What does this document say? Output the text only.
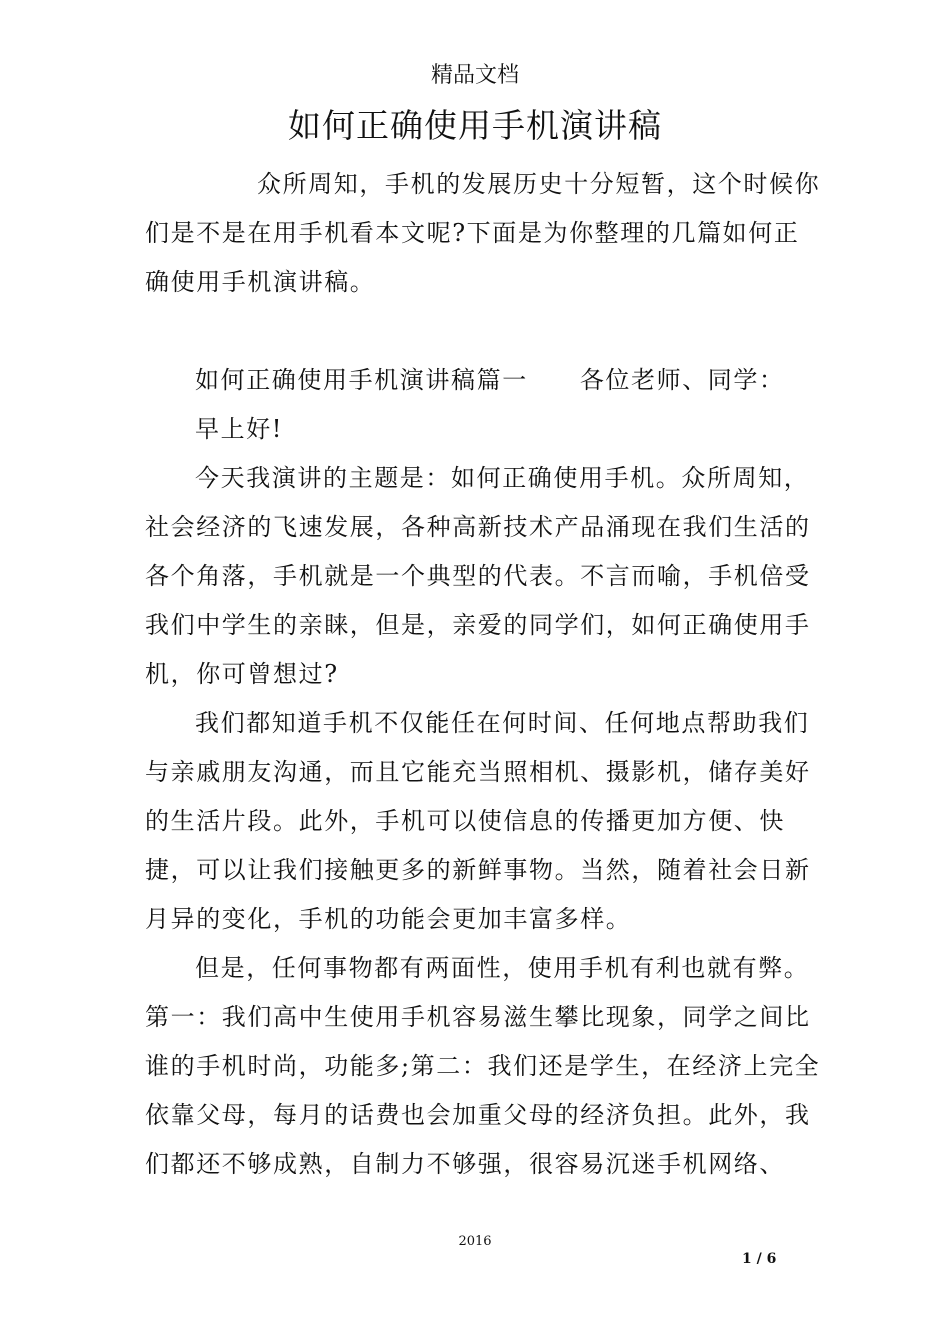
精品文档
如何正确使用手机演讲稿

众所周知，手机的发展历史十分短暂，这个时候你们是不是在用手机看本文呢?下面是为你整理的几篇如何正确使用手机演讲稿。

如何正确使用手机演讲稿篇一 各位老师、同学：

早上好!

今天我演讲的主题是：如何正确使用手机。众所周知，社会经济的飞速发展，各种高新技术产品涌现在我们生活的各个角落，手机就是一个典型的代表。不言而喻，手机倍受我们中学生的亲睐，但是，亲爱的同学们，如何正确使用手机，你可曾想过?

我们都知道手机不仅能任在何时间、任何地点帮助我们与亲戚朋友沟通，而且它能充当照相机、摄影机，储存美好的生活片段。此外，手机可以使信息的传播更加方便、快捷，可以让我们接触更多的新鲜事物。当然，随着社会日新月异的变化，手机的功能会更加丰富多样。

但是，任何事物都有两面性，使用手机有利也就有弊。第一：我们高中生使用手机容易滋生攀比现象，同学之间比谁的手机时尚，功能多;第二：我们还是学生，在经济上完全依靠父母，每月的话费也会加重父母的经济负担。此外，我们都还不够成熟，自制力不够强，很容易沉迷手机网络、

2016
1 / 6
